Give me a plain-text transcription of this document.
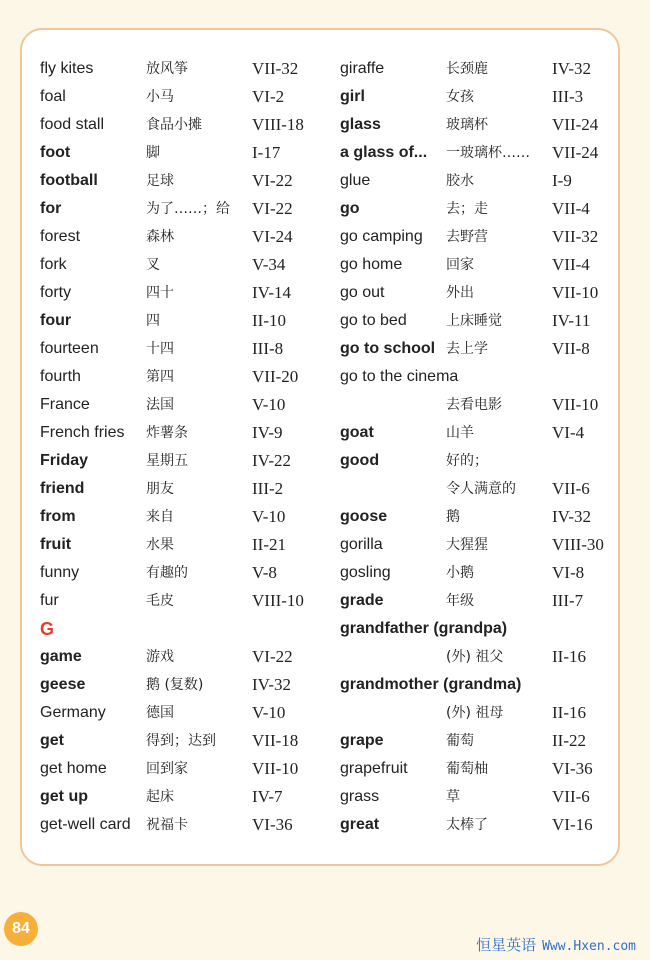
fly kites	放风筝	VII-32
foal	小马	VI-2
food stall	食品小摊	VIII-18
foot	脚	I-17
football	足球	VI-22
for	为了……；给 VI-22
forest	森林	VI-24
fork	叉	V-34
forty	四十	IV-14
four	四	II-10
fourteen	十四	III-8
fourth	第四	VII-20
France	法国	V-10
French fries 炸薯条	IV-9
Friday	星期五	IV-22
friend	朋友	III-2
from	来自	V-10
fruit	水果	II-21
funny	有趣的	V-8
fur	毛皮	VIII-10
G
game	游戏	VI-22
geese	鹅 (复数)	IV-32
Germany	德国	V-10
get	得到；达到 VII-18
get home	回到家	VII-10
get up	起床	IV-7
get-well card 祝福卡	VI-36
giraffe	长颈鹿	IV-32
girl	女孩	III-3
glass	玻璃杯	VII-24
a glass of... 一玻璃杯…… VII-24
glue	胶水	I-9
go	去；走	VII-4
go camping 去野营	VII-32
go home	回家	VII-4
go out	外出	VII-10
go to bed	上床睡觉	IV-11
go to school 去上学	VII-8
go to the cinema
去看电影	VII-10
goat	山羊	VI-4
good	好的；
令人满意的 VII-6
goose	鹅	IV-32
gorilla	大猩猩	VIII-30
gosling	小鹅	VI-8
grade	年级	III-7
grandfather (grandpa)
(外) 祖父	II-16
grandmother (grandma)
(外) 祖母	II-16
grape	葡萄	II-22
grapefruit	葡萄柚	VI-36
grass	草	VII-6
great	太棒了	VI-16
84
恒星英语 Www.Hxen.com
